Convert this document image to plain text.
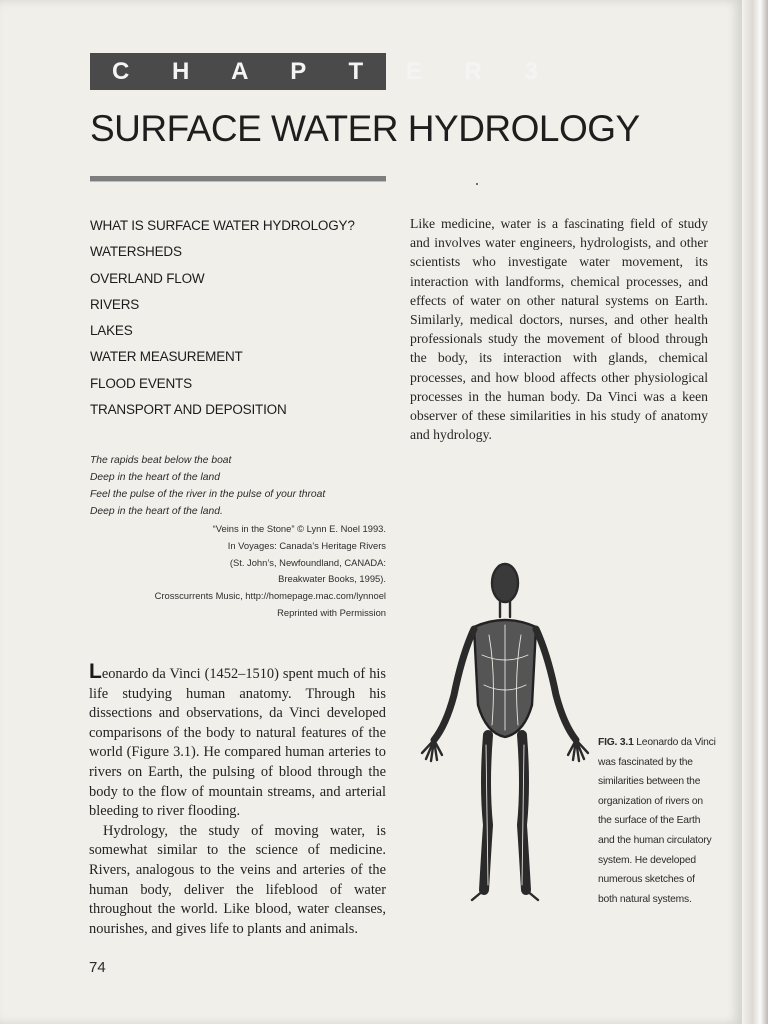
C H A P T E R 3
SURFACE WATER HYDROLOGY
WHAT IS SURFACE WATER HYDROLOGY?
WATERSHEDS
OVERLAND FLOW
RIVERS
LAKES
WATER MEASUREMENT
FLOOD EVENTS
TRANSPORT AND DEPOSITION
The rapids beat below the boat
Deep in the heart of the land
Feel the pulse of the river in the pulse of your throat
Deep in the heart of the land.
“Veins in the Stone” © Lynn E. Noel 1993.
In Voyages: Canada’s Heritage Rivers
(St. John’s, Newfoundland, CANADA:
Breakwater Books, 1995).
Crosscurrents Music, http://homepage.mac.com/lynnoel
Reprinted with Permission
Like medicine, water is a fascinating field of study and involves water engineers, hydrologists, and other scientists who investigate water movement, its interaction with landforms, chemical processes, and effects of water on other natural systems on Earth. Similarly, medical doctors, nurses, and other health professionals study the movement of blood through the body, its interaction with glands, chemical processes, and how blood affects other physiological processes in the human body. Da Vinci was a keen observer of these similarities in his study of anatomy and hydrology.

Leonardo da Vinci (1452–1510) spent much of his life studying human anatomy. Through his dissections and observations, da Vinci developed comparisons of the body to natural features of the world (Figure 3.1). He compared human arteries to rivers on Earth, the pulsing of blood through the body to the flow of mountain streams, and arterial bleeding to river flooding.

Hydrology, the study of moving water, is somewhat similar to the science of medicine. Rivers, analogous to the veins and arteries of the human body, deliver the lifeblood of water throughout the world. Like blood, water cleanses, nourishes, and gives life to plants and animals.

FIG. 3.1 Leonardo da Vinci was fascinated by the similarities between the organization of rivers on the surface of the Earth and the human circulatory system. He developed numerous sketches of both natural systems.
74
